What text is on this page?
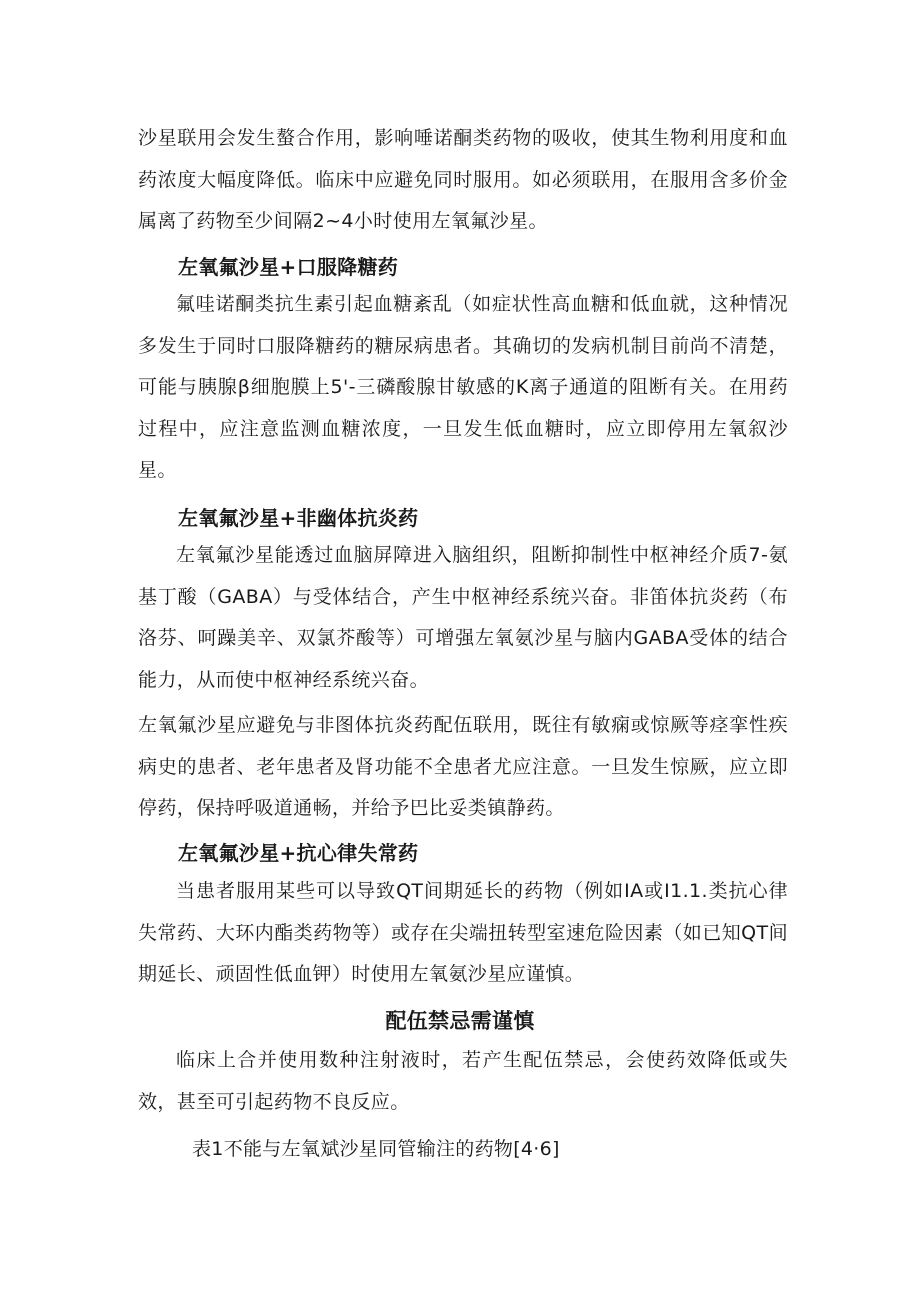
沙星联用会发生螯合作用，影响唾诺酮类药物的吸收，使其生物利用度和血药浓度大幅度降低。临床中应避免同时服用。如必须联用，在服用含多价金属离了药物至少间隔2~4小时使用左氧氟沙星。

左氧氟沙星+口服降糖药

氟哇诺酮类抗生素引起血糖紊乱（如症状性高血糖和低血就，这种情况多发生于同时口服降糖药的糖尿病患者。其确切的发病机制目前尚不清楚，可能与胰腺β细胞膜上5'-三磷酸腺甘敏感的K离子通道的阻断有关。在用药过程中，应注意监测血糖浓度，一旦发生低血糖时，应立即停用左氧叙沙星。

左氧氟沙星+非幽体抗炎药

左氧氟沙星能透过血脑屏障进入脑组织，阻断抑制性中枢神经介质7-氨基丁酸（GABA）与受体结合，产生中枢神经系统兴奋。非笛体抗炎药（布洛芬、呵躁美辛、双氯芥酸等）可增强左氧氨沙星与脑内GABA受体的结合能力，从而使中枢神经系统兴奋。

左氧氟沙星应避免与非图体抗炎药配伍联用，既往有敏痫或惊厥等痉挛性疾病史的患者、老年患者及肾功能不全患者尤应注意。一旦发生惊厥，应立即停药，保持呼吸道通畅，并给予巴比妥类镇静药。

左氧氟沙星+抗心律失常药

当患者服用某些可以导致QT间期延长的药物（例如IA或I1.1.类抗心律失常药、大环内酯类药物等）或存在尖端扭转型室速危险因素（如已知QT间期延长、顽固性低血钾）时使用左氧氨沙星应谨慎。

配伍禁忌需谨慎

临床上合并使用数种注射液时，若产生配伍禁忌，会使药效降低或失效，甚至可引起药物不良反应。

表1不能与左氧斌沙星同管输注的药物[4·6]
